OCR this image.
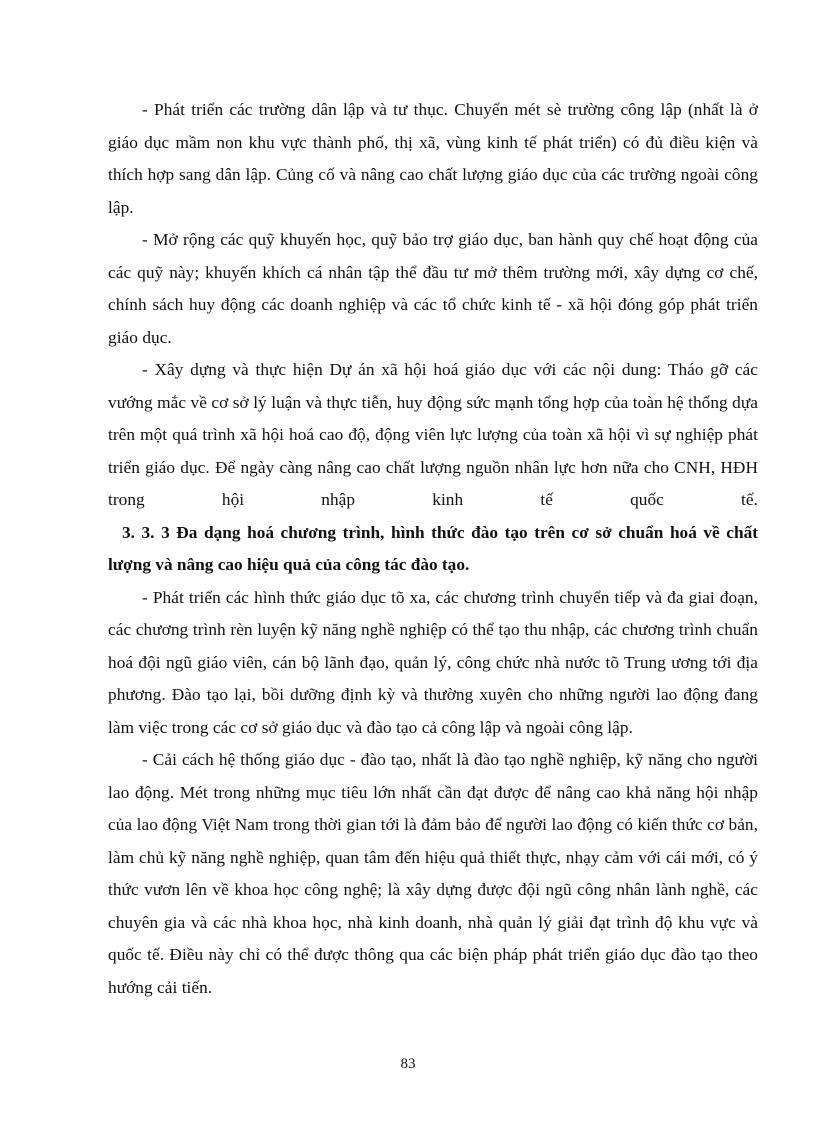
- Phát triển các trường dân lập và tư thục. Chuyển mét sè trường công lập (nhất là ở giáo dục mầm non khu vực thành phố, thị xã, vùng kinh tế phát triển) có đủ điều kiện và thích hợp sang dân lập. Củng cố và nâng cao chất lượng giáo dục của các trường ngoài công lập.

- Mở rộng các quỹ khuyến học, quỹ bảo trợ giáo dục, ban hành quy chế hoạt động của các quỹ này; khuyến khích cá nhân tập thể đầu tư mở thêm trường mới, xây dựng cơ chế, chính sách huy động các doanh nghiệp và các tổ chức kinh tế - xã hội đóng góp phát triển giáo dục.

- Xây dựng và thực hiện Dự án xã hội hoá giáo dục với các nội dung: Tháo gỡ các vướng mắc về cơ sở lý luận và thực tiễn, huy động sức mạnh tổng hợp của toàn hệ thống dựa trên một quá trình xã hội hoá cao độ, động viên lực lượng của toàn xã hội vì sự nghiệp phát triển giáo dục. Để ngày càng nâng cao chất lượng nguồn nhân lực hơn nữa cho CNH, HĐH trong hội nhập kinh tế quốc tế.

3. 3. 3 Đa dạng hoá chương trình, hình thức đào tạo trên cơ sở chuẩn hoá về chất lượng và nâng cao hiệu quả của công tác đào tạo.

- Phát triển các hình thức giáo dục tõ xa, các chương trình chuyển tiếp và đa giai đoạn, các chương trình rèn luyện kỹ năng nghề nghiệp có thể tạo thu nhập, các chương trình chuẩn hoá đội ngũ giáo viên, cán bộ lãnh đạo, quản lý, công chức nhà nước tõ Trung ương tới địa phương. Đào tạo lại, bồi dưỡng định kỳ và thường xuyên cho những người lao động đang làm việc trong các cơ sở giáo dục và đào tạo cả công lập và ngoài công lập.

- Cải cách hệ thống giáo dục - đào tạo, nhất là đào tạo nghề nghiệp, kỹ năng cho người lao động. Mét trong những mục tiêu lớn nhất cần đạt được để nâng cao khả năng hội nhập của lao động Việt Nam trong thời gian tới là đảm bảo để người lao động có kiến thức cơ bản, làm chủ kỹ năng nghề nghiệp, quan tâm đến hiệu quả thiết thực, nhạy cảm với cái mới, có ý thức vươn lên về khoa học công nghệ; là xây dựng được đội ngũ công nhân lành nghề, các chuyên gia và các nhà khoa học, nhà kinh doanh, nhà quản lý giải đạt trình độ khu vực và quốc tế. Điều này chỉ có thể được thông qua các biện pháp phát triển giáo dục đào tạo theo hướng cải tiến.

83
